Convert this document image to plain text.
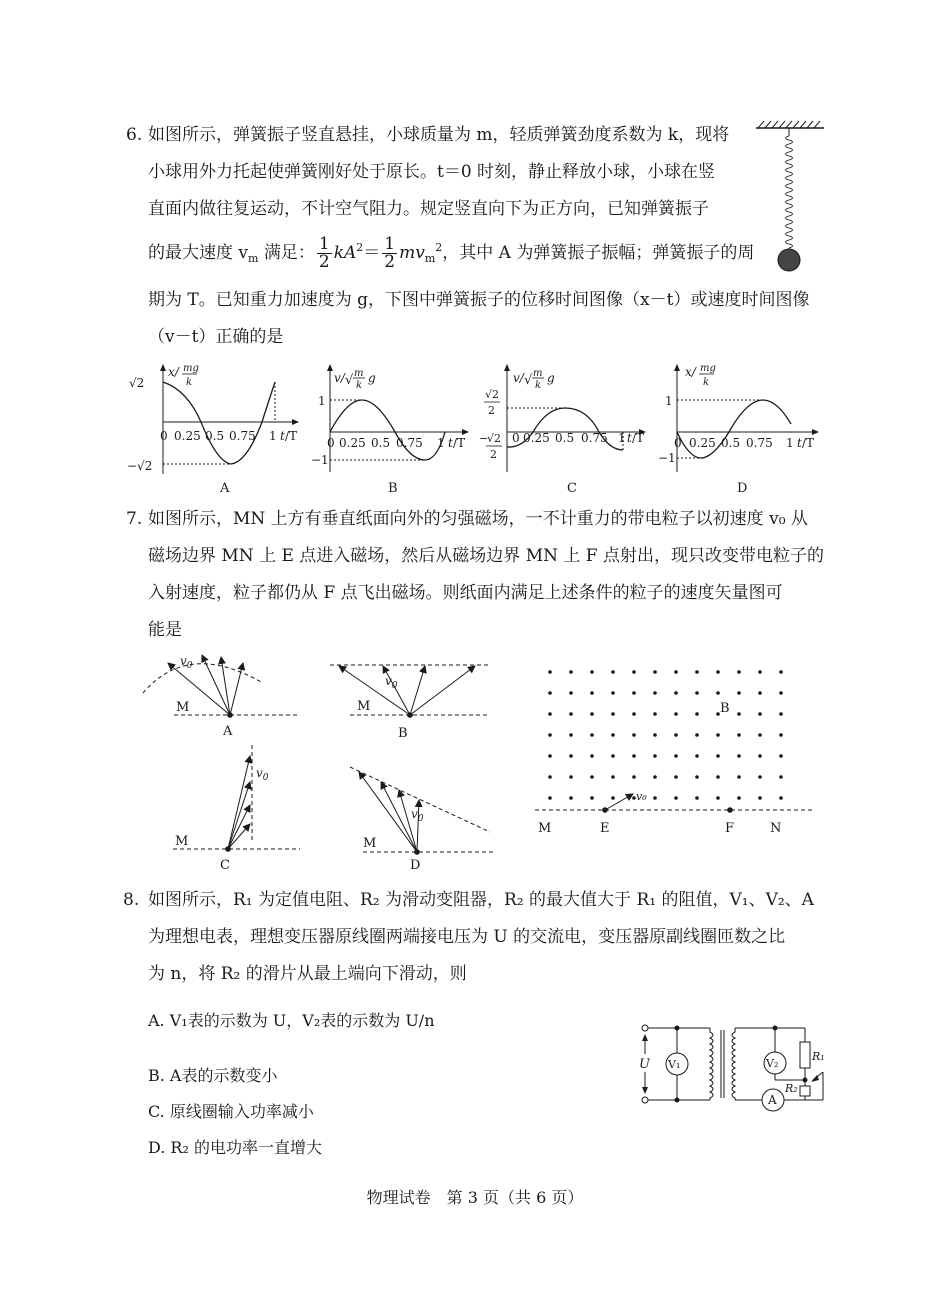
6. 如图所示，弹簧振子竖直悬挂，小球质量为 m，轻质弹簧劲度系数为 k，现将
小球用外力托起使弹簧刚好处于原长。t＝0 时刻，静止释放小球，小球在竖
直面内做往复运动，不计空气阻力。规定竖直向下为正方向，已知弹簧振子
的最大速度 $v_m$ 满足： $\frac{1}{2} kA^2= \frac{1}{2} mv_m^2$，其中 A 为弹簧振子振幅；弹簧振子的周
期为 T。已知重力加速度为 g，下图中弹簧振子的位移时间图像（x－t）或速度时间图像
（v－t）正确的是
√2
−√2
x/ mg
k
0 0.25 0.5 0.75 1 t /T
A
1
−1
v/ √ m
k
g
0 0.25 0.5 0.75 1 t /T
B
√2
2
−
√2
2
v/ √ m
k
g
0 0.25 0.5 0.75 1 t /T
C
1
−1
x/ mg
k
0 0.25 0.5 0.75 1 t /T
D
7. 如图所示，MN 上方有垂直纸面向外的匀强磁场，一不计重力的带电粒子以初速度 v₀ 从
磁场边界 MN 上 E 点进入磁场，然后从磁场边界 MN 上 F 点射出，现只改变带电粒子的
入射速度，粒子都仍从 F 点飞出磁场。则纸面内满足上述条件的粒子的速度矢量图可
能是
$v_0$
M
A
$v_0$
M
B
$v_0$
M
C
$v_0$
M
D
v₀
B
M	E	F	N
8. 如图所示，R₁ 为定值电阻、R₂ 为滑动变阻器，R₂ 的最大值大于 R₁ 的阻值，V₁、V₂、A
为理想电表，理想变压器原线圈两端接电压为 U 的交流电，变压器原副线圈匝数之比
为 n，将 R₂ 的滑片从最上端向下滑动，则
A. V₁表的示数为 U，V₂表的示数为 U/n
B. A表的示数变小
C. 原线圈输入功率减小
D. R₂ 的电功率一直增大
U V₁
A
V₂
R₁
R₂
物理试卷　第 3 页（共 6 页）
